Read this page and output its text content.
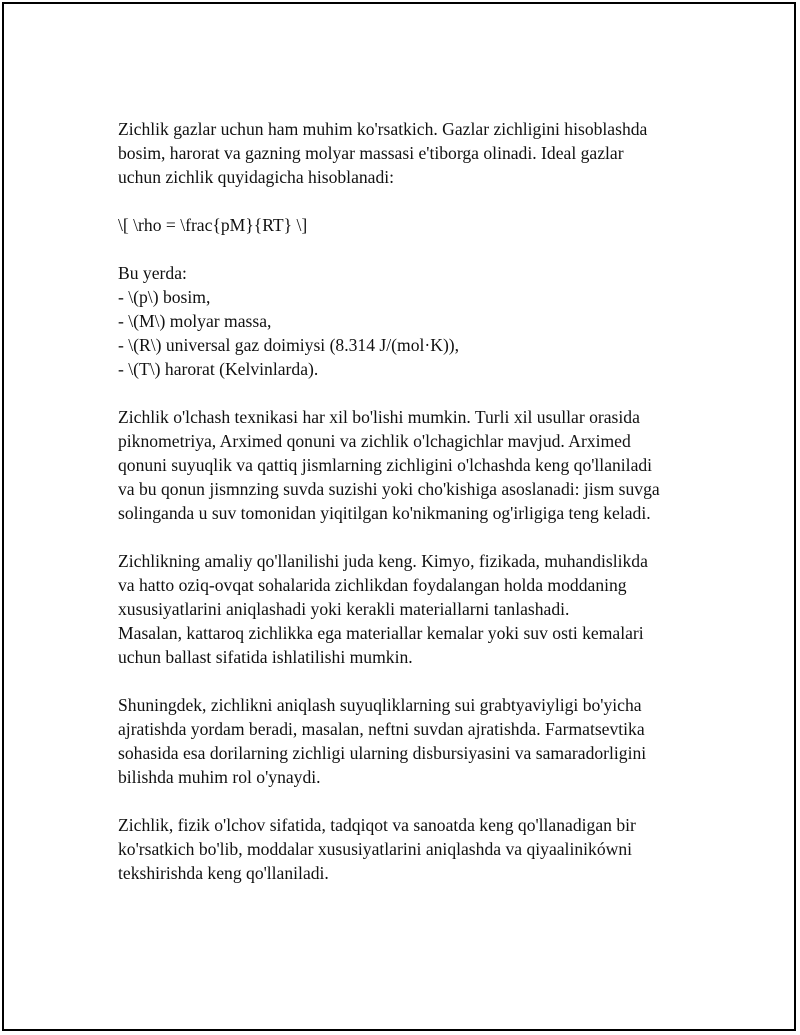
Zichlik gazlar uchun ham muhim ko'rsatkich. Gazlar zichligini hisoblashda
bosim, harorat va gazning molyar massasi e'tiborga olinadi. Ideal gazlar
uchun zichlik quyidagicha hisoblanadi:

\[ \rho = \frac{pM}{RT} \]

Bu yerda:
- \(p\) bosim,
- \(M\) molyar massa,
- \(R\) universal gaz doimiysi (8.314 J/(mol·K)),
- \(T\) harorat (Kelvinlarda).

Zichlik o'lchash texnikasi har xil bo'lishi mumkin. Turli xil usullar orasida
piknometriya, Arximed qonuni va zichlik o'lchagichlar mavjud. Arximed
qonuni suyuqlik va qattiq jismlarning zichligini o'lchashda keng qo'llaniladi
va bu qonun jismnzing suvda suzishi yoki cho'kishiga asoslanadi: jism suvga
solinganda u suv tomonidan yiqitilgan ko'nikmaning og'irligiga teng keladi.

Zichlikning amaliy qo'llanilishi juda keng. Kimyo, fizikada, muhandislikda
va hatto oziq-ovqat sohalarida zichlikdan foydalangan holda moddaning
xususiyatlarini aniqlashadi yoki kerakli materiallarni tanlashadi.
Masalan, kattaroq zichlikka ega materiallar kemalar yoki suv osti kemalari
uchun ballast sifatida ishlatilishi mumkin.

Shuningdek, zichlikni aniqlash suyuqliklarning sui grabtyaviyligi bo'yicha
ajratishda yordam beradi, masalan, neftni suvdan ajratishda. Farmatsevtika
sohasida esa dorilarning zichligi ularning disbursiyasini va samaradorligini
bilishda muhim rol o'ynaydi.

Zichlik, fizik o'lchov sifatida, tadqiqot va sanoatda keng qo'llanadigan bir
ko'rsatkich bo'lib, moddalar xususiyatlarini aniqlashda va qiyaalinikówni
tekshirishda keng qo'llaniladi.
